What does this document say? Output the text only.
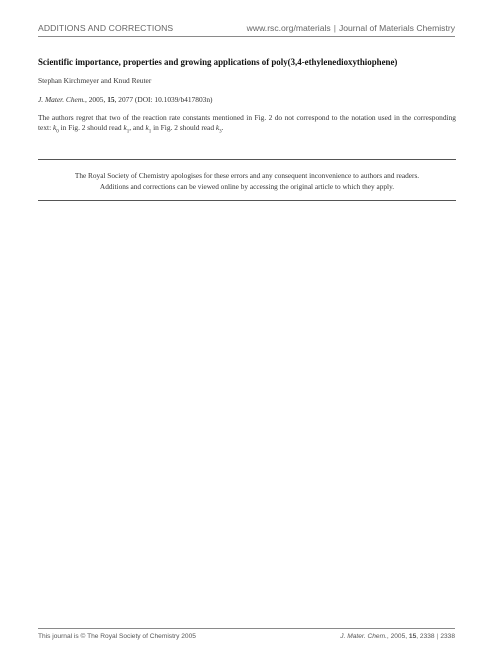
ADDITIONS AND CORRECTIONS	www.rsc.org/materials | Journal of Materials Chemistry
Scientific importance, properties and growing applications of poly(3,4-ethylenedioxythiophene)
Stephan Kirchmeyer and Knud Reuter
J. Mater. Chem., 2005, 15, 2077 (DOI: 10.1039/b417803n)

The authors regret that two of the reaction rate constants mentioned in Fig. 2 do not correspond to the notation used in the corresponding text: $k_0$ in Fig. 2 should read $k_1$, and $k_1$ in Fig. 2 should read $k_3$.

The Royal Society of Chemistry apologises for these errors and any consequent inconvenience to authors and readers.
Additions and corrections can be viewed online by accessing the original article to which they apply.
This journal is © The Royal Society of Chemistry 2005	J. Mater. Chem., 2005, 15, 2338 | 2338
